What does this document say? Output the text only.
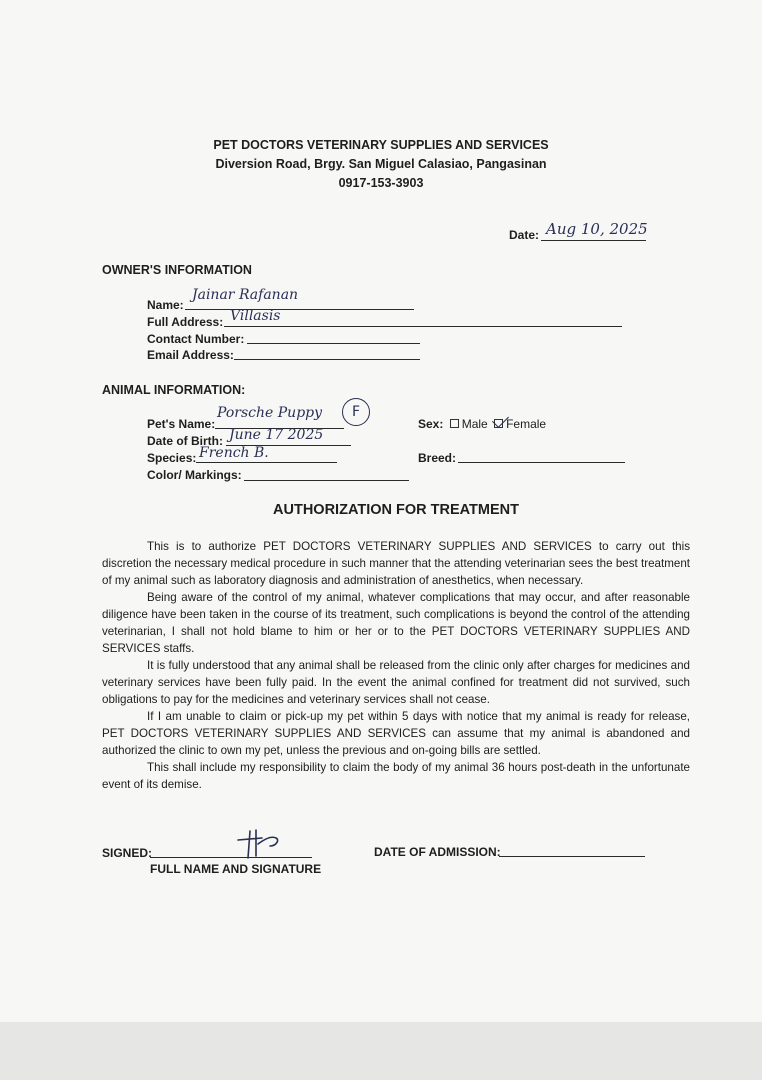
PET DOCTORS VETERINARY SUPPLIES AND SERVICES
Diversion Road, Brgy. San Miguel Calasiao, Pangasinan
0917-153-3903
Date: Aug 10, 2025
OWNER'S INFORMATION
Name:
Jainar Rafanan
Full Address: Villasis
Contact Number:
Email Address:
ANIMAL INFORMATION:
Pet's Name:
Porsche Puppy	F
Date of Birth: June 17 2025
Species: French B.
Color/ Markings:
Sex: Male Female
Breed:
AUTHORIZATION FOR TREATMENT

This is to authorize PET DOCTORS VETERINARY SUPPLIES AND SERVICES to carry out this discretion the necessary medical procedure in such manner that the attending veterinarian sees the best treatment of my animal such as laboratory diagnosis and administration of anesthetics, when necessary.

Being aware of the control of my animal, whatever complications that may occur, and after reasonable diligence have been taken in the course of its treatment, such complications is beyond the control of the attending veterinarian, I shall not hold blame to him or her or to the PET DOCTORS VETERINARY SUPPLIES AND SERVICES staffs.

It is fully understood that any animal shall be released from the clinic only after charges for medicines and veterinary services have been fully paid. In the event the animal confined for treatment did not survived, such obligations to pay for the medicines and veterinary services shall not cease.

If I am unable to claim or pick-up my pet within 5 days with notice that my animal is ready for release, PET DOCTORS VETERINARY SUPPLIES AND SERVICES can assume that my animal is abandoned and authorized the clinic to own my pet, unless the previous and on-going bills are settled.

This shall include my responsibility to claim the body of my animal 36 hours post-death in the unfortunate event of its demise.

SIGNED:
FULL NAME AND SIGNATURE
DATE OF ADMISSION:
